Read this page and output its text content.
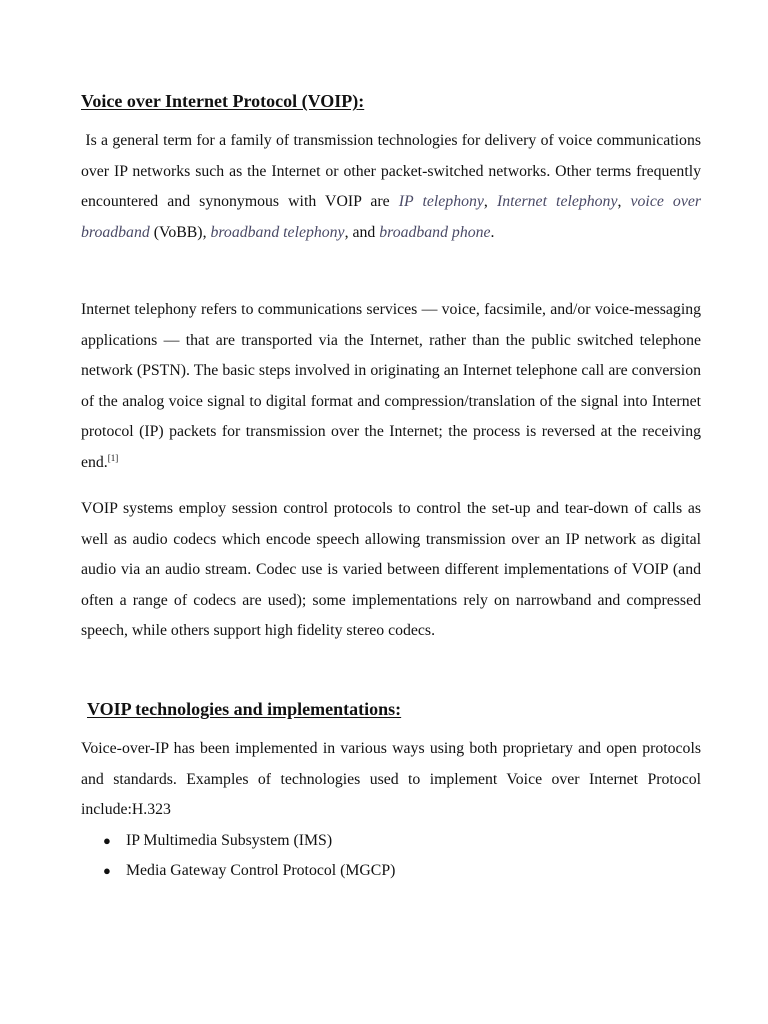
Voice over Internet Protocol (VOIP):

Is a general term for a family of transmission technologies for delivery of voice communications over IP networks such as the Internet or other packet-switched networks. Other terms frequently encountered and synonymous with VOIP are IP telephony, Internet telephony, voice over broadband (VoBB), broadband telephony, and broadband phone.

Internet telephony refers to communications services — voice, facsimile, and/or voice-messaging applications — that are transported via the Internet, rather than the public switched telephone network (PSTN). The basic steps involved in originating an Internet telephone call are conversion of the analog voice signal to digital format and compression/translation of the signal into Internet protocol (IP) packets for transmission over the Internet; the process is reversed at the receiving end.[1]

VOIP systems employ session control protocols to control the set-up and tear-down of calls as well as audio codecs which encode speech allowing transmission over an IP network as digital audio via an audio stream. Codec use is varied between different implementations of VOIP (and often a range of codecs are used); some implementations rely on narrowband and compressed speech, while others support high fidelity stereo codecs.

VOIP technologies and implementations:

Voice-over-IP has been implemented in various ways using both proprietary and open protocols and standards. Examples of technologies used to implement Voice over Internet Protocol include:H.323

● IP Multimedia Subsystem (IMS)
● Media Gateway Control Protocol (MGCP)
